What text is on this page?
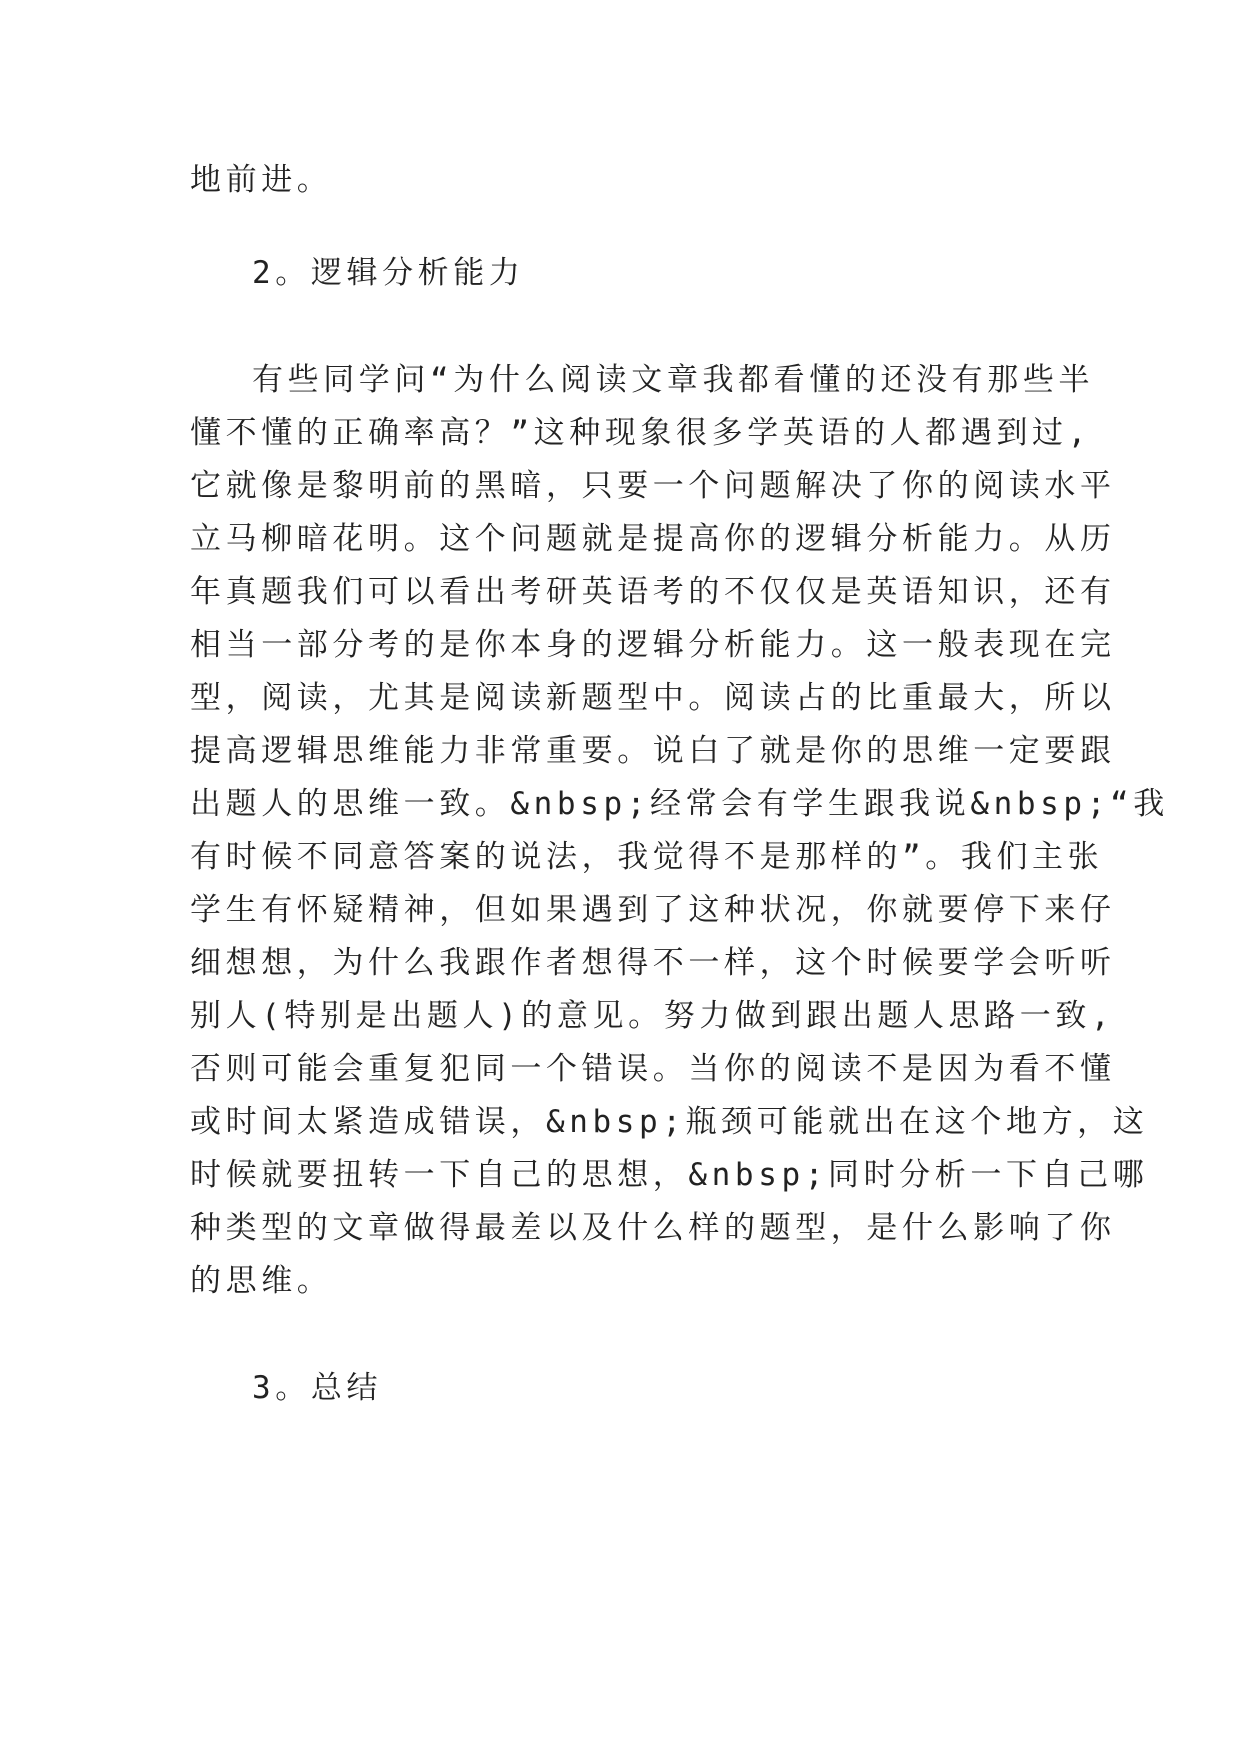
地前进。

2。逻辑分析能力

有些同学问“为什么阅读文章我都看懂的还没有那些半

懂不懂的正确率高？”这种现象很多学英语的人都遇到过,

它就像是黎明前的黑暗，只要一个问题解决了你的阅读水平

立马柳暗花明。这个问题就是提高你的逻辑分析能力。从历

年真题我们可以看出考研英语考的不仅仅是英语知识，还有

相当一部分考的是你本身的逻辑分析能力。这一般表现在完

型，阅读，尤其是阅读新题型中。阅读占的比重最大，所以

提高逻辑思维能力非常重要。说白了就是你的思维一定要跟

出题人的思维一致。&nbsp;经常会有学生跟我说&nbsp;“我

有时候不同意答案的说法，我觉得不是那样的”。我们主张

学生有怀疑精神，但如果遇到了这种状况，你就要停下来仔

细想想，为什么我跟作者想得不一样，这个时候要学会听听

别人(特别是出题人)的意见。努力做到跟出题人思路一致,

否则可能会重复犯同一个错误。当你的阅读不是因为看不懂

或时间太紧造成错误，&nbsp;瓶颈可能就出在这个地方，这

时候就要扭转一下自己的思想，&nbsp;同时分析一下自己哪

种类型的文章做得最差以及什么样的题型，是什么影响了你

的思维。

3。总结
